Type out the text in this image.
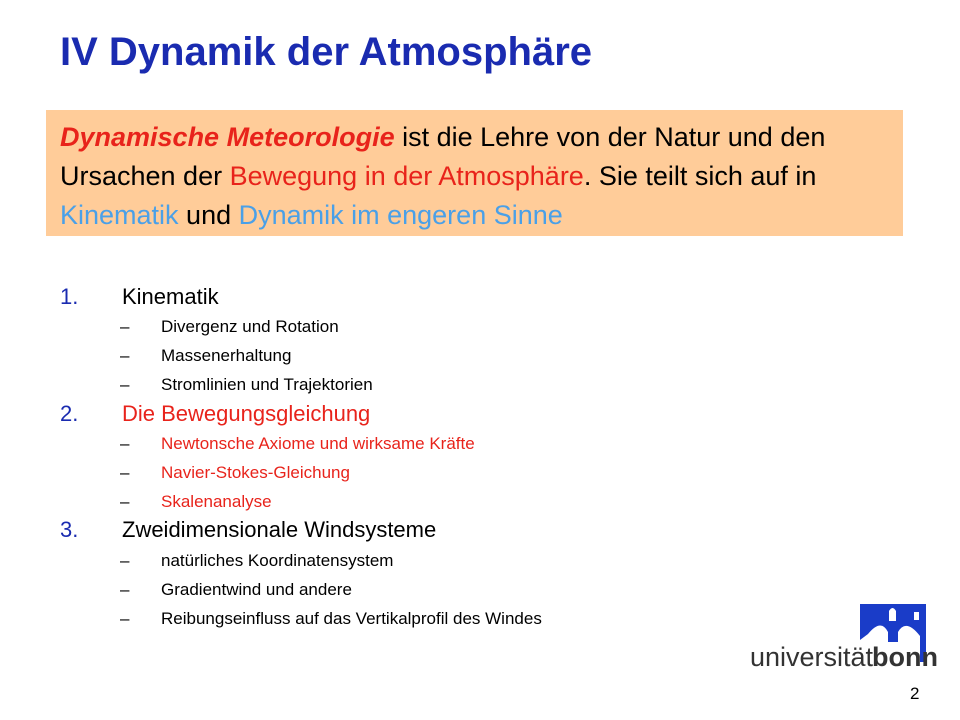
IV Dynamik der Atmosphäre
Dynamische Meteorologie ist die Lehre von der Natur und den Ursachen der Bewegung in der Atmosphäre. Sie teilt sich auf in Kinematik und Dynamik im engeren Sinne
1. Kinematik
– Divergenz und Rotation
– Massenerhaltung
– Stromlinien und Trajektorien
2. Die Bewegungsgleichung
– Newtonsche Axiome und wirksame Kräfte
– Navier-Stokes-Gleichung
– Skalenanalyse
3. Zweidimensionale Windsysteme
– natürliches Koordinatensystem
– Gradientwind und andere
– Reibungseinfluss auf das Vertikalprofil des Windes
universität
bonn
2
